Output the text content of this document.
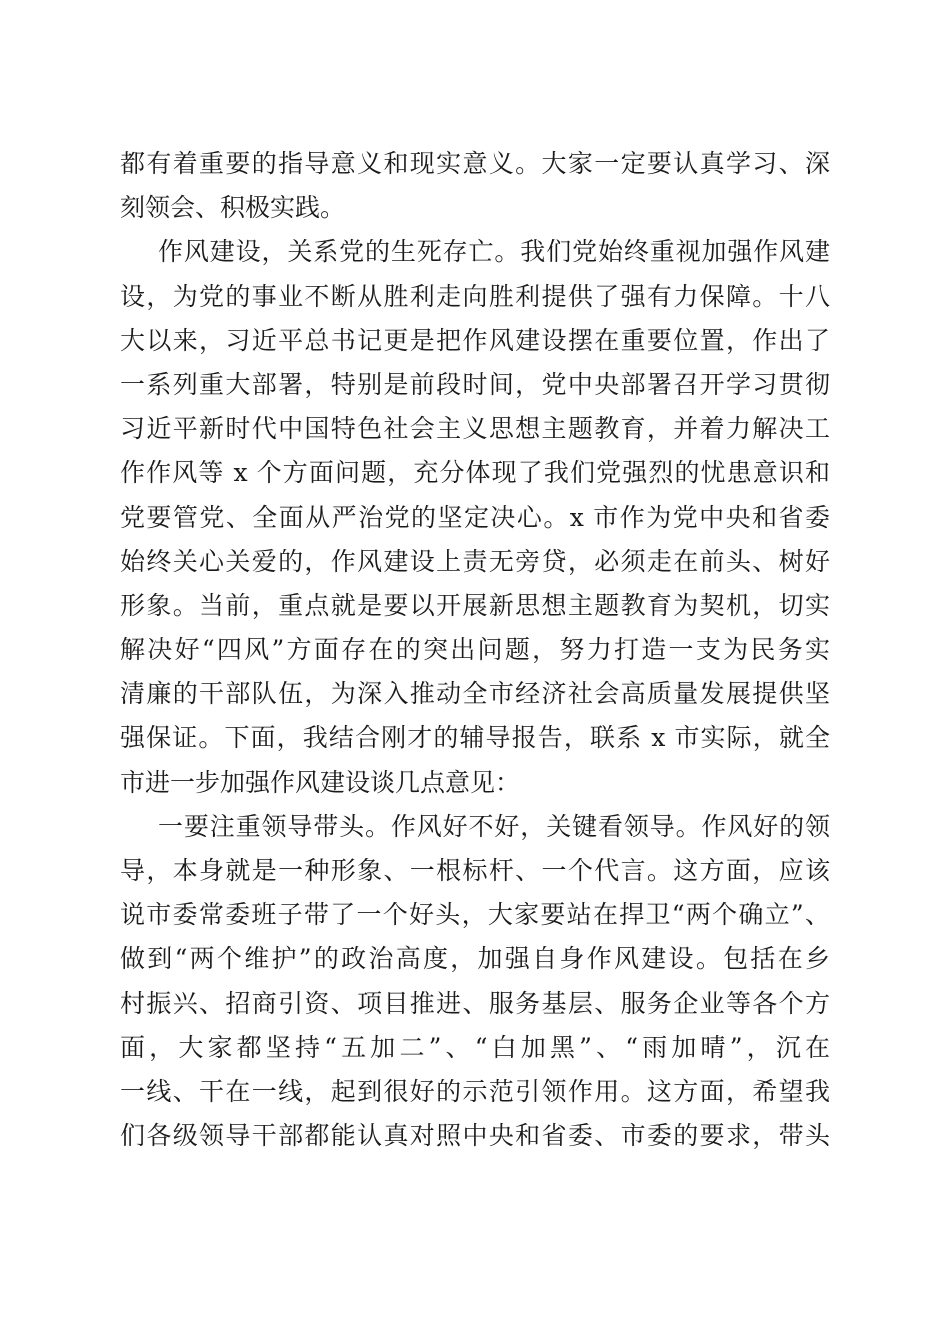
都有着重要的指导意义和现实意义。大家一定要认真学习、深
刻领会、积极实践。
作风建设，关系党的生死存亡。我们党始终重视加强作风建
设，为党的事业不断从胜利走向胜利提供了强有力保障。十八
大以来，习近平总书记更是把作风建设摆在重要位置，作出了
一系列重大部署，特别是前段时间，党中央部署召开学习贯彻
习近平新时代中国特色社会主义思想主题教育，并着力解决工
作作风等 x 个方面问题，充分体现了我们党强烈的忧患意识和
党要管党、全面从严治党的坚定决心。x 市作为党中央和省委
始终关心关爱的，作风建设上责无旁贷，必须走在前头、树好
形象。当前，重点就是要以开展新思想主题教育为契机，切实
解决好“四风”方面存在的突出问题，努力打造一支为民务实
清廉的干部队伍，为深入推动全市经济社会高质量发展提供坚
强保证。下面，我结合刚才的辅导报告，联系 x 市实际，就全
市进一步加强作风建设谈几点意见：
一要注重领导带头。作风好不好，关键看领导。作风好的领
导，本身就是一种形象、一根标杆、一个代言。这方面，应该
说市委常委班子带了一个好头，大家要站在捍卫“两个确立”、
做到“两个维护”的政治高度，加强自身作风建设。包括在乡
村振兴、招商引资、项目推进、服务基层、服务企业等各个方
面，大家都坚持“五加二”、“白加黑”、“雨加晴”，沉在
一线、干在一线，起到很好的示范引领作用。这方面，希望我
们各级领导干部都能认真对照中央和省委、市委的要求，带头
